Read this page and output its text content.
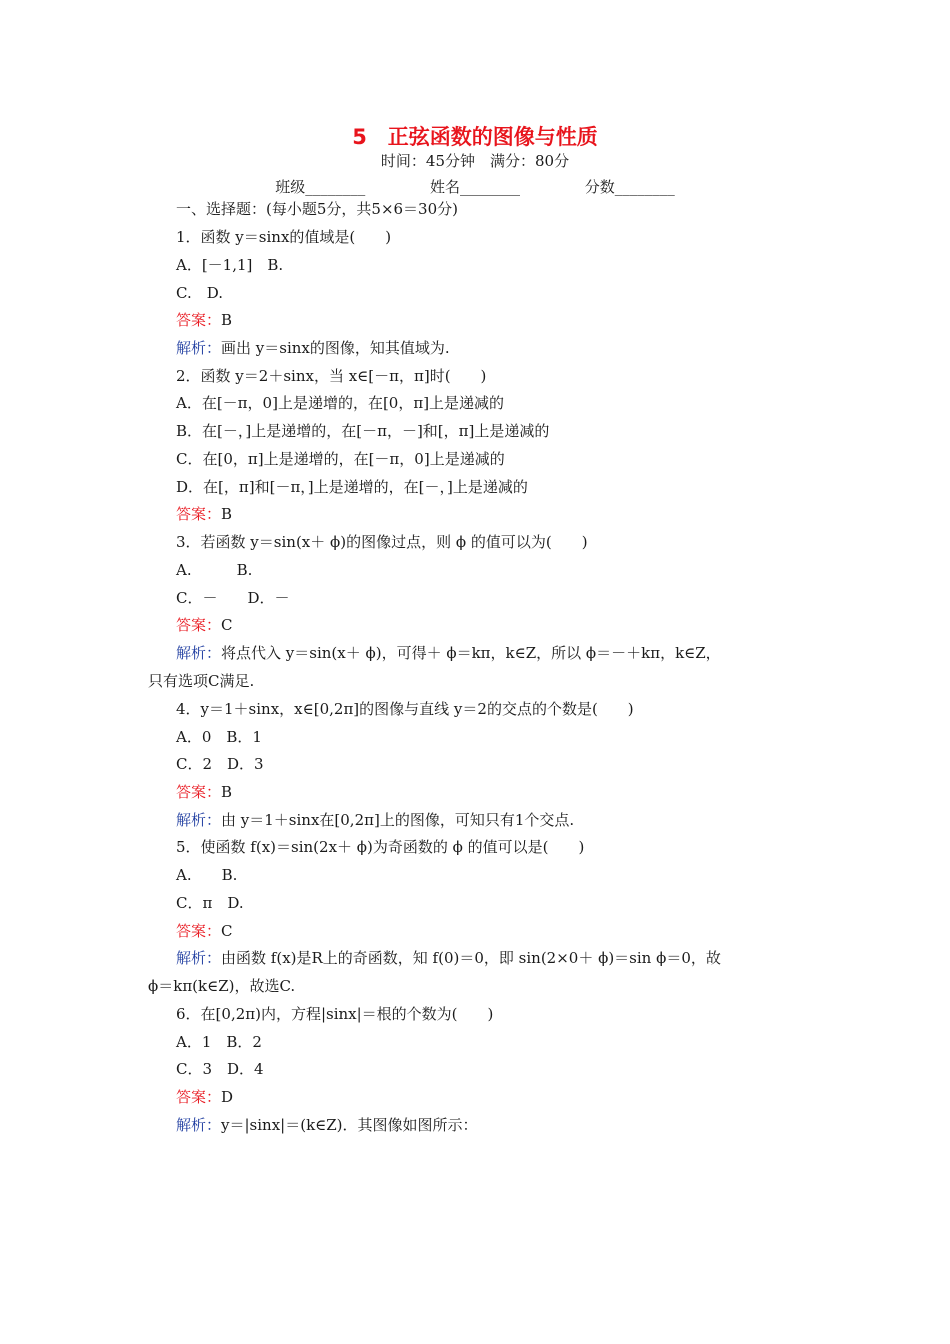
5　正弦函数的图像与性质
时间：45分钟　满分：80分
班级________	姓名________	分数________
一、选择题：(每小题5分，共5×6＝30分)
1．函数 y＝sinx的值域是(　　)
A．[－1,1]　B.
C.　D.
答案：B
解析：画出 y＝sinx的图像，知其值域为.
2．函数 y＝2＋sinx，当 x∈[－π，π]时(　　)
A．在[－π，0]上是递增的，在[0，π]上是递减的
B．在[－，]上是递增的，在[－π，－]和[，π]上是递减的
C．在[0，π]上是递增的，在[－π，0]上是递减的
D．在[，π]和[－π，]上是递增的，在[－，]上是递减的
答案：B
3．若函数 y＝sin(x＋ ϕ)的图像过点，则 ϕ 的值可以为(　　)
A.　　　B.
C．－　　D．－
答案：C
解析：将点代入 y＝sin(x＋ ϕ)，可得＋ ϕ＝kπ，k∈Z，所以 ϕ＝－＋kπ，k∈Z，
只有选项C满足.
4．y＝1＋sinx，x∈[0,2π]的图像与直线 y＝2的交点的个数是(　　)
A．0　B．1
C．2　D．3
答案：B
解析：由 y＝1＋sinx在[0,2π]上的图像，可知只有1个交点.
5．使函数 f(x)＝sin(2x＋ ϕ)为奇函数的 ϕ 的值可以是(　　)
A.　　B.
C．π　D.
答案：C
解析：由函数 f(x)是R上的奇函数，知 f(0)＝0，即 sin(2×0＋ ϕ)＝sin ϕ＝0，故
ϕ＝kπ(k∈Z)，故选C.
6．在[0,2π)内，方程|sinx|＝根的个数为(　　)
A．1　B．2
C．3　D．4
答案：D
解析：y＝|sinx|＝(k∈Z)．其图像如图所示：
